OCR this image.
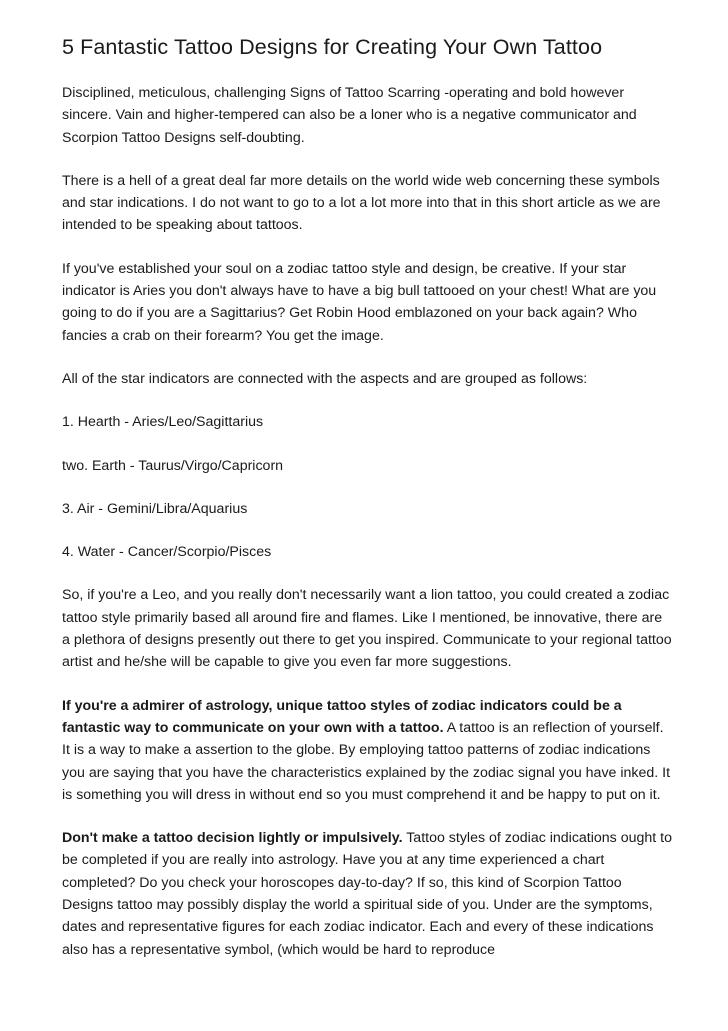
5 Fantastic Tattoo Designs for Creating Your Own Tattoo

Disciplined, meticulous, challenging Signs of Tattoo Scarring -operating and bold however sincere. Vain and higher-tempered can also be a loner who is a negative communicator and Scorpion Tattoo Designs self-doubting.

There is a hell of a great deal far more details on the world wide web concerning these symbols and star indications. I do not want to go to a lot a lot more into that in this short article as we are intended to be speaking about tattoos.

If you've established your soul on a zodiac tattoo style and design, be creative. If your star indicator is Aries you don't always have to have a big bull tattooed on your chest! What are you going to do if you are a Sagittarius? Get Robin Hood emblazoned on your back again? Who fancies a crab on their forearm? You get the image.

All of the star indicators are connected with the aspects and are grouped as follows:

1. Hearth - Aries/Leo/Sagittarius

two. Earth - Taurus/Virgo/Capricorn

3. Air - Gemini/Libra/Aquarius

4. Water - Cancer/Scorpio/Pisces

So, if you're a Leo, and you really don't necessarily want a lion tattoo, you could created a zodiac tattoo style primarily based all around fire and flames. Like I mentioned, be innovative, there are a plethora of designs presently out there to get you inspired. Communicate to your regional tattoo artist and he/she will be capable to give you even far more suggestions.

If you're a admirer of astrology, unique tattoo styles of zodiac indicators could be a fantastic way to communicate on your own with a tattoo. A tattoo is an reflection of yourself. It is a way to make a assertion to the globe. By employing tattoo patterns of zodiac indications you are saying that you have the characteristics explained by the zodiac signal you have inked. It is something you will dress in without end so you must comprehend it and be happy to put on it.

Don't make a tattoo decision lightly or impulsively. Tattoo styles of zodiac indications ought to be completed if you are really into astrology. Have you at any time experienced a chart completed? Do you check your horoscopes day-to-day? If so, this kind of Scorpion Tattoo Designs tattoo may possibly display the world a spiritual side of you. Under are the symptoms, dates and representative figures for each zodiac indicator. Each and every of these indications also has a representative symbol, (which would be hard to reproduce
